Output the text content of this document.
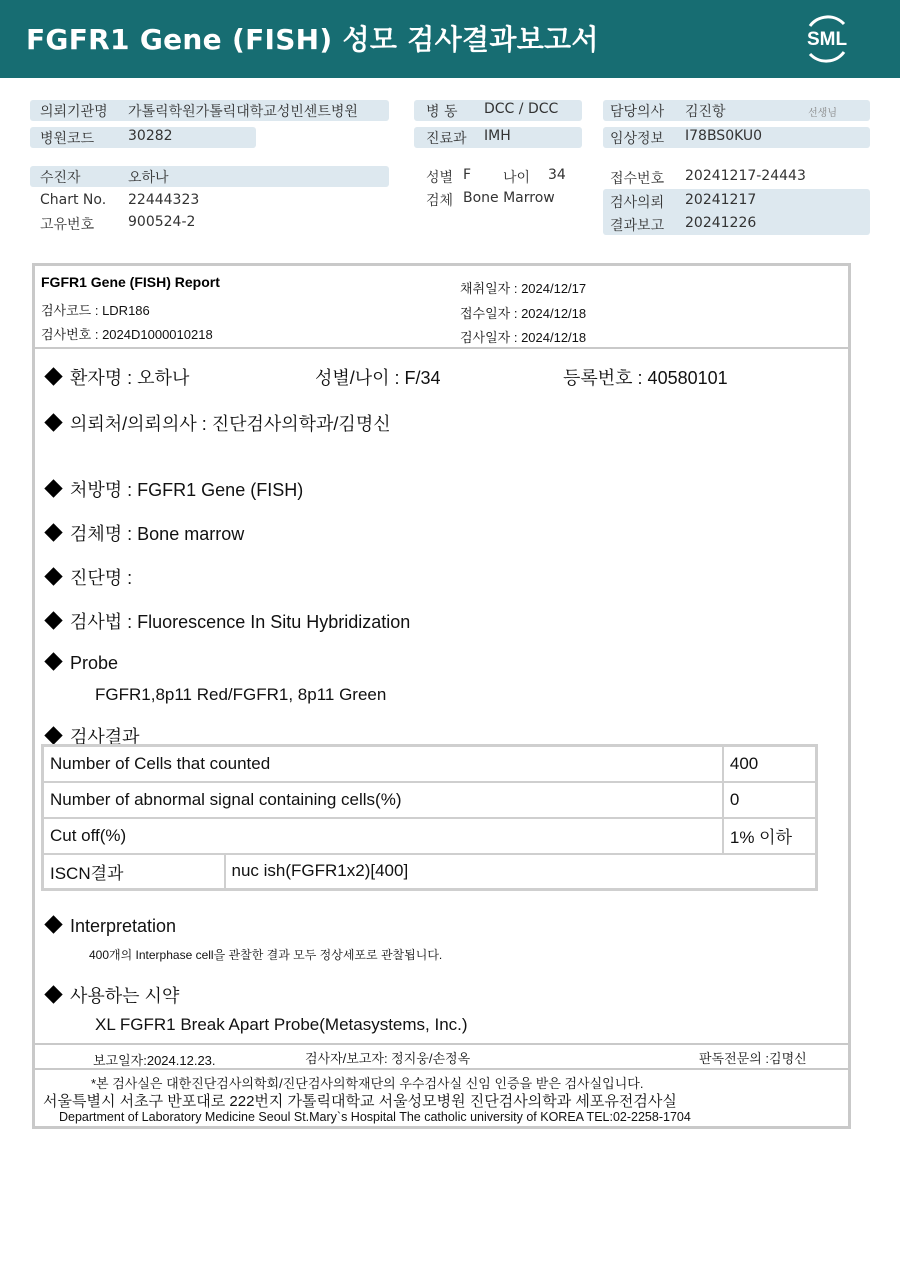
FGFR1 Gene (FISH) 성모 검사결과보고서	SML
의뢰기관명 가톨릭학원가톨릭대학교성빈센트병원
병원코드 30282
수진자	오하나
Chart No. 22444323
고유번호 900524-2
병 동 DCC / DCC
진료과 IMH
성별 F 나이 34
검체 Bone Marrow
담당의사 김진항	선생님
임상정보 I78BS0KU0
접수번호 20241217-24443
검사의뢰 20241217
결과보고 20241226
FGFR1 Gene (FISH) Report
검사코드 : LDR186
검사번호 : 2024D1000010218
채취일자 : 2024/12/17
접수일자 : 2024/12/18
검사일자 : 2024/12/18
환자명 : 오하나	성별/나이 : F/34	등록번호 : 40580101
의뢰처/의뢰의사 : 진단검사의학과/김명신
처방명 : FGFR1 Gene (FISH)
검체명 : Bone marrow
진단명 :
검사법 : Fluorescence In Situ Hybridization
Probe
FGFR1,8p11 Red/FGFR1, 8p11 Green
검사결과
Number of Cells that counted		400
Number of abnormal signal containing cells(%)		0
Cut off(%)		1% 이하
ISCN결과	nuc ish(FGFR1x2)[400]	
Interpretation
400개의 Interphase cell을 관찰한 결과 모두 정상세포로 관찰됩니다.
사용하는 시약
XL FGFR1 Break Apart Probe(Metasystems, Inc.)
보고일자:2024.12.23.	검사자/보고자: 정지웅/손정옥	판독전문의 :김명신
*본 검사실은 대한진단검사의학회/진단검사의학재단의 우수검사실 신임 인증을 받은 검사실입니다.
서울특별시 서초구 반포대로 222번지 가톨릭대학교 서울성모병원 진단검사의학과 세포유전검사실
Department of Laboratory Medicine Seoul St.Mary`s Hospital The catholic university of KOREA TEL:02-2258-1704
